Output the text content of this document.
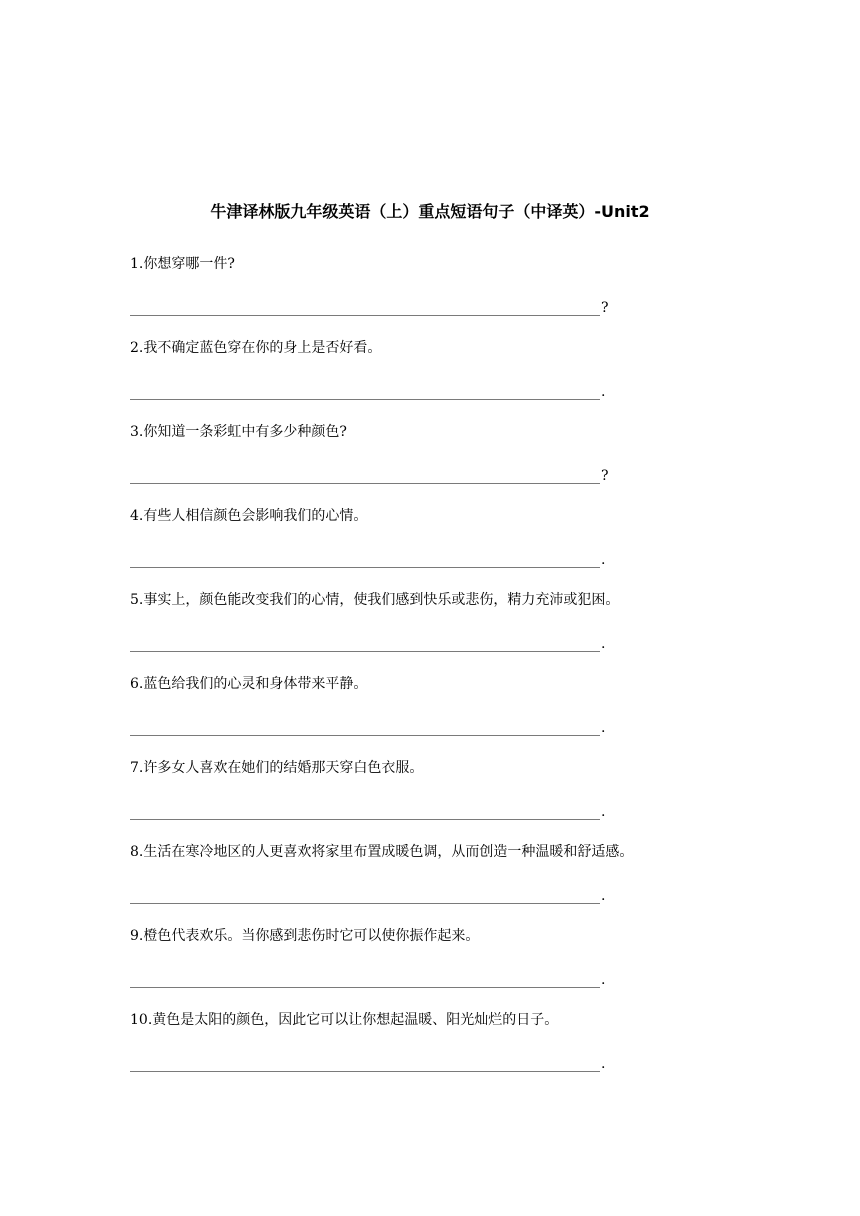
牛津译林版九年级英语（上）重点短语句子（中译英）-Unit2
1.你想穿哪一件?
?
2.我不确定蓝色穿在你的身上是否好看。
.
3.你知道一条彩虹中有多少种颜色?
?
4.有些人相信颜色会影响我们的心情。
.
5.事实上，颜色能改变我们的心情，使我们感到快乐或悲伤，精力充沛或犯困。
.
6.蓝色给我们的心灵和身体带来平静。
.
7.许多女人喜欢在她们的结婚那天穿白色衣服。
.
8.生活在寒冷地区的人更喜欢将家里布置成暖色调，从而创造一种温暖和舒适感。
.
9.橙色代表欢乐。当你感到悲伤时它可以使你振作起来。
.
10.黄色是太阳的颜色，因此它可以让你想起温暖、阳光灿烂的日子。
.
